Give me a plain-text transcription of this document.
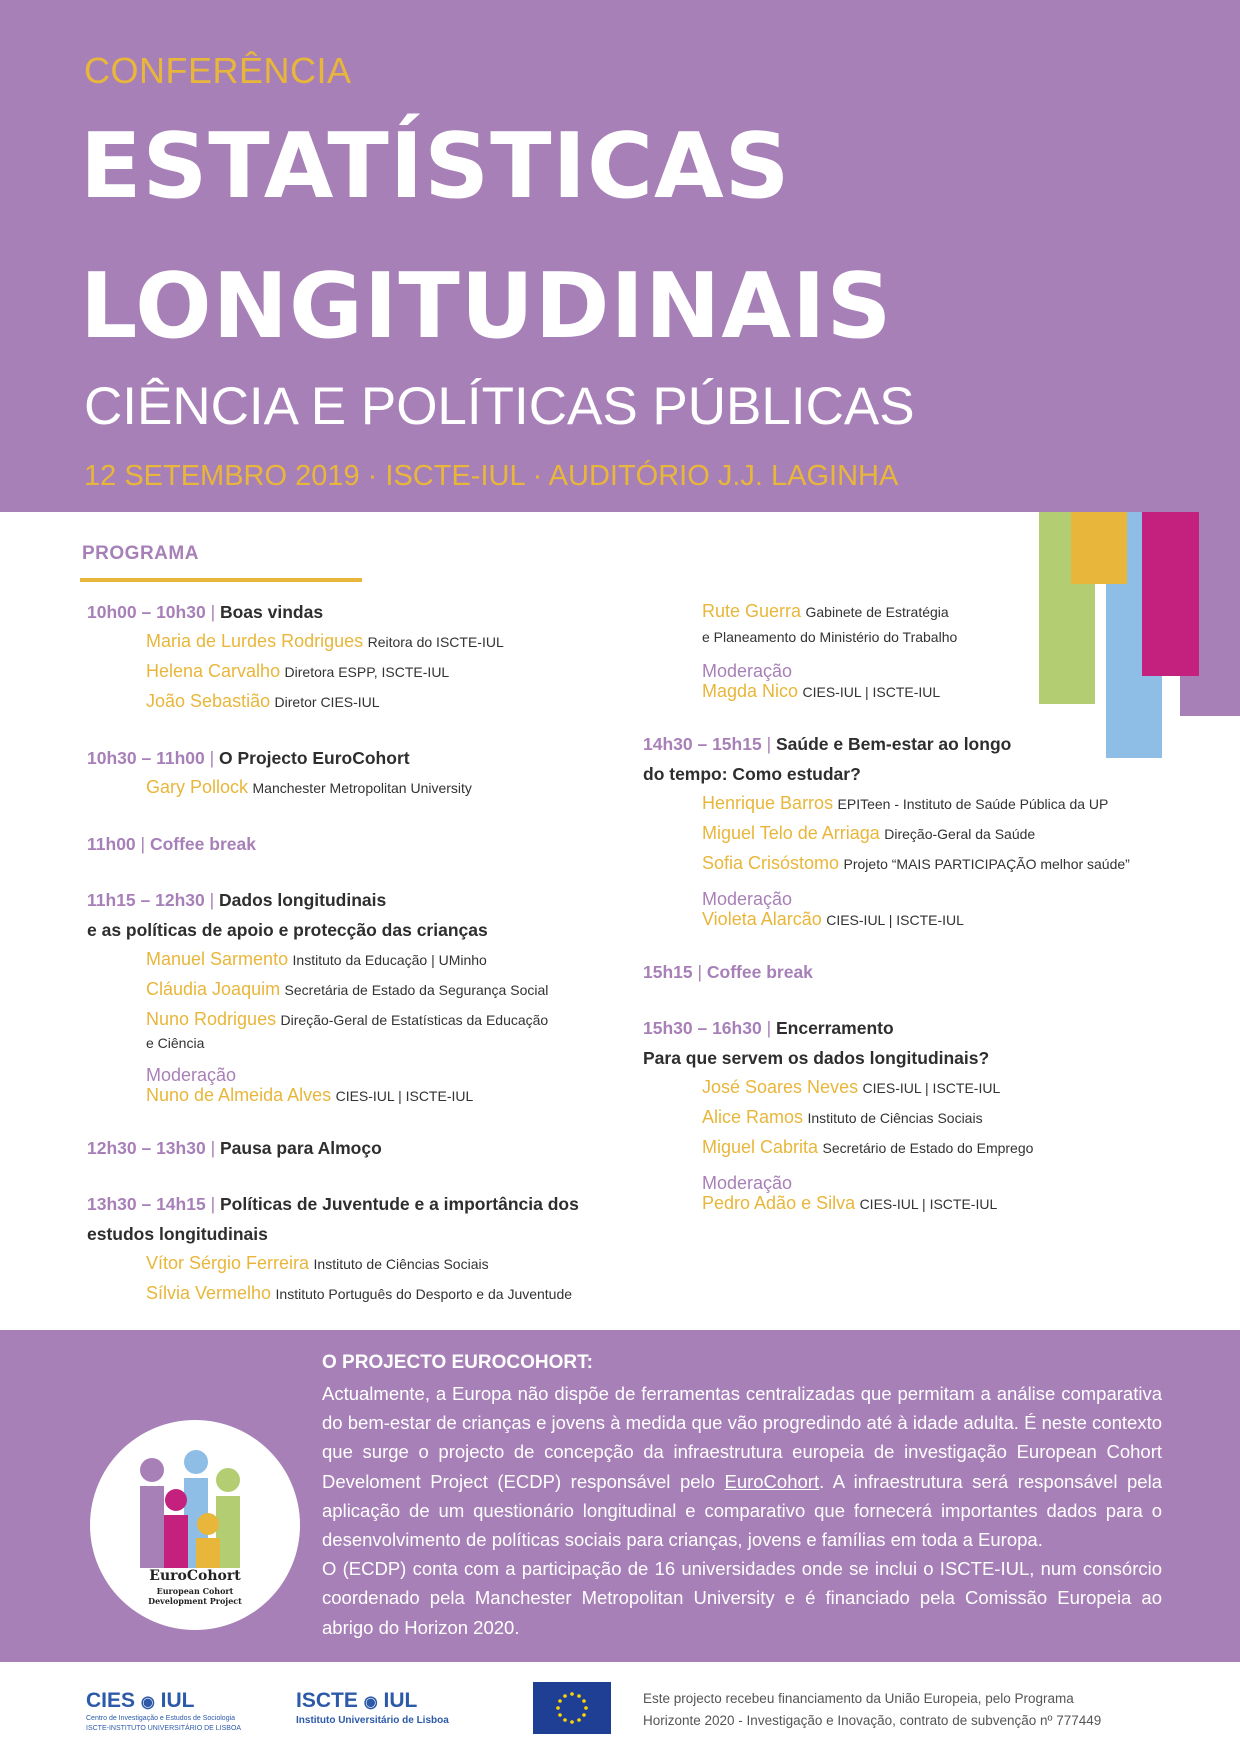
CONFERÊNCIA
ESTATÍSTICAS
LONGITUDINAIS
CIÊNCIA E POLÍTICAS PÚBLICAS
12 SETEMBRO 2019 · ISCTE-IUL · AUDITÓRIO J.J. LAGINHA
PROGRAMA
10h00 – 10h30 | Boas vindas
Maria de Lurdes Rodrigues Reitora do ISCTE-IUL
Helena Carvalho Diretora ESPP, ISCTE-IUL
João Sebastião Diretor CIES-IUL
10h30 – 11h00 | O Projecto EuroCohort
Gary Pollock Manchester Metropolitan University
11h00 | Coffee break
11h15 – 12h30 | Dados longitudinais
e as políticas de apoio e protecção das crianças
Manuel Sarmento Instituto da Educação | UMinho
Cláudia Joaquim Secretária de Estado da Segurança Social
Nuno Rodrigues Direção-Geral de Estatísticas da Educação
e Ciência
Moderação
Nuno de Almeida Alves CIES-IUL | ISCTE-IUL
12h30 – 13h30 | Pausa para Almoço
13h30 – 14h15 | Políticas de Juventude e a importância dos
estudos longitudinais
Vítor Sérgio Ferreira Instituto de Ciências Sociais
Sílvia Vermelho Instituto Português do Desporto e da Juventude
Rute Guerra Gabinete de Estratégia
e Planeamento do Ministério do Trabalho
Moderação
Magda Nico CIES-IUL | ISCTE-IUL
14h30 – 15h15 | Saúde e Bem-estar ao longo
do tempo: Como estudar?
Henrique Barros EPITeen - Instituto de Saúde Pública da UP
Miguel Telo de Arriaga Direção-Geral da Saúde
Sofia Crisóstomo Projeto “MAIS PARTICIPAÇÃO melhor saúde”
Moderação
Violeta Alarcão CIES-IUL | ISCTE-IUL
15h15 | Coffee break
15h30 – 16h30 | Encerramento
Para que servem os dados longitudinais?
José Soares Neves CIES-IUL | ISCTE-IUL
Alice Ramos Instituto de Ciências Sociais
Miguel Cabrita Secretário de Estado do Emprego
Moderação
Pedro Adão e Silva CIES-IUL | ISCTE-IUL
EuroCohort
European Cohort
Development Project
O PROJECTO EUROCOHORT:

Actualmente, a Europa não dispõe de ferramentas centralizadas que permitam a análise comparativa do bem-estar de crianças e jovens à medida que vão progredindo até à idade adulta. É neste contexto que surge o projecto de concepção da infraestrutura europeia de investigação European Cohort Develoment Project (ECDP) responsável pelo EuroCohort. A infraestrutura será responsável pela aplicação de um questionário longitudinal e comparativo que fornecerá importantes dados para o desenvolvimento de políticas sociais para crianças, jovens e famílias em toda a Europa.

O (ECDP) conta com a participação de 16 universidades onde se inclui o ISCTE-IUL, num consórcio coordenado pela Manchester Metropolitan University e é financiado pela Comissão Europeia ao abrigo do Horizon 2020.

CIES ◉ IUL
Centro de Investigação e Estudos de Sociologia
ISCTE-INSTITUTO UNIVERSITÁRIO DE LISBOA
ISCTE ◉ IUL
Instituto Universitário de Lisboa
Este projecto recebeu financiamento da União Europeia, pelo Programa
Horizonte 2020 - Investigação e Inovação, contrato de subvenção nº 777449
